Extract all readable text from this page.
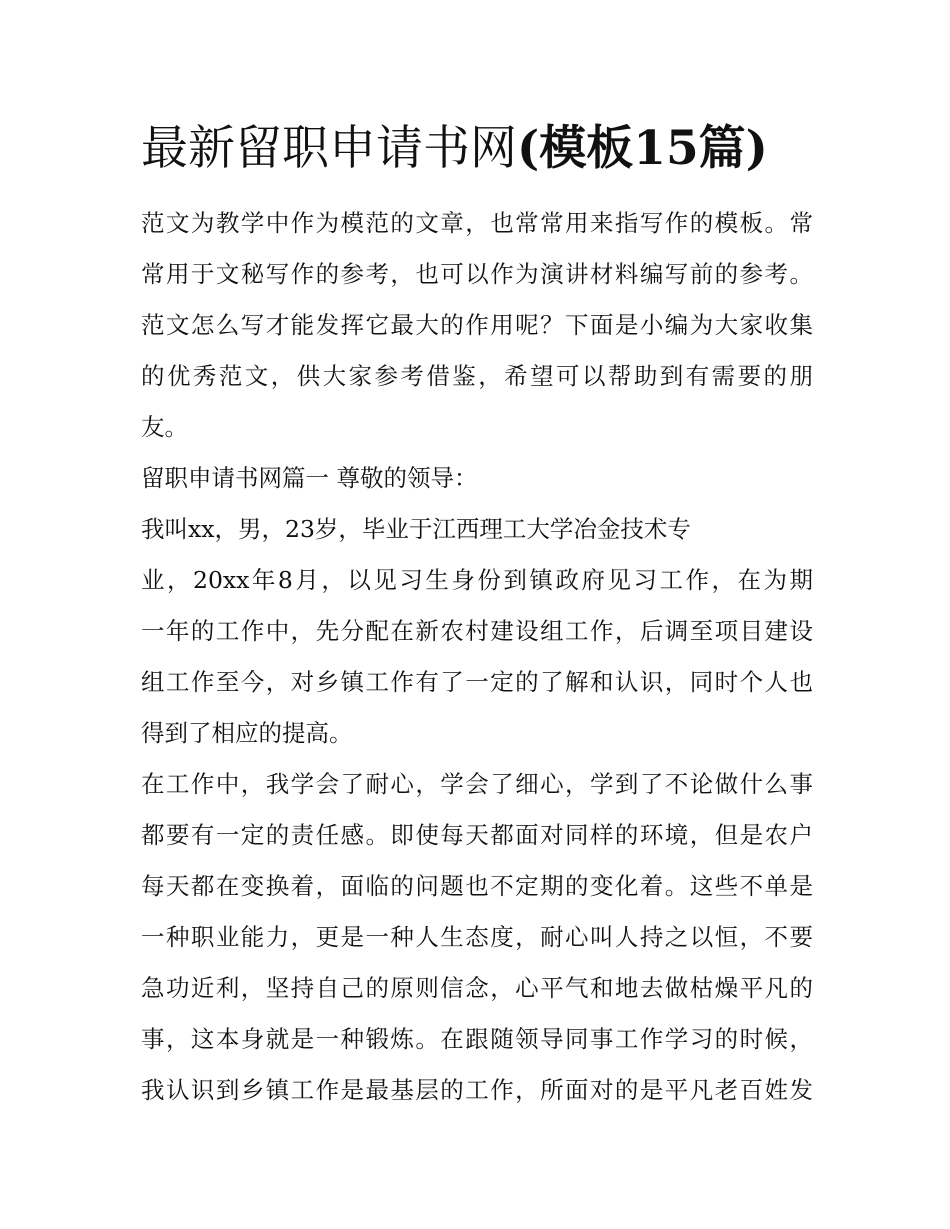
最新留职申请书网(模板15篇)
范文为教学中作为模范的文章，也常常用来指写作的模板。常
常用于文秘写作的参考，也可以作为演讲材料编写前的参考。
范文怎么写才能发挥它最大的作用呢？下面是小编为大家收集
的优秀范文，供大家参考借鉴，希望可以帮助到有需要的朋
友。
留职申请书网篇一 尊敬的领导：
我叫xx，男，23岁，毕业于江西理工大学冶金技术专
业，20xx年8月，以见习生身份到镇政府见习工作，在为期
一年的工作中，先分配在新农村建设组工作，后调至项目建设
组工作至今，对乡镇工作有了一定的了解和认识，同时个人也
得到了相应的提高。
在工作中，我学会了耐心，学会了细心，学到了不论做什么事
都要有一定的责任感。即使每天都面对同样的环境，但是农户
每天都在变换着，面临的问题也不定期的变化着。这些不单是
一种职业能力，更是一种人生态度，耐心叫人持之以恒，不要
急功近利，坚持自己的原则信念，心平气和地去做枯燥平凡的
事，这本身就是一种锻炼。在跟随领导同事工作学习的时候，
我认识到乡镇工作是最基层的工作，所面对的是平凡老百姓发
